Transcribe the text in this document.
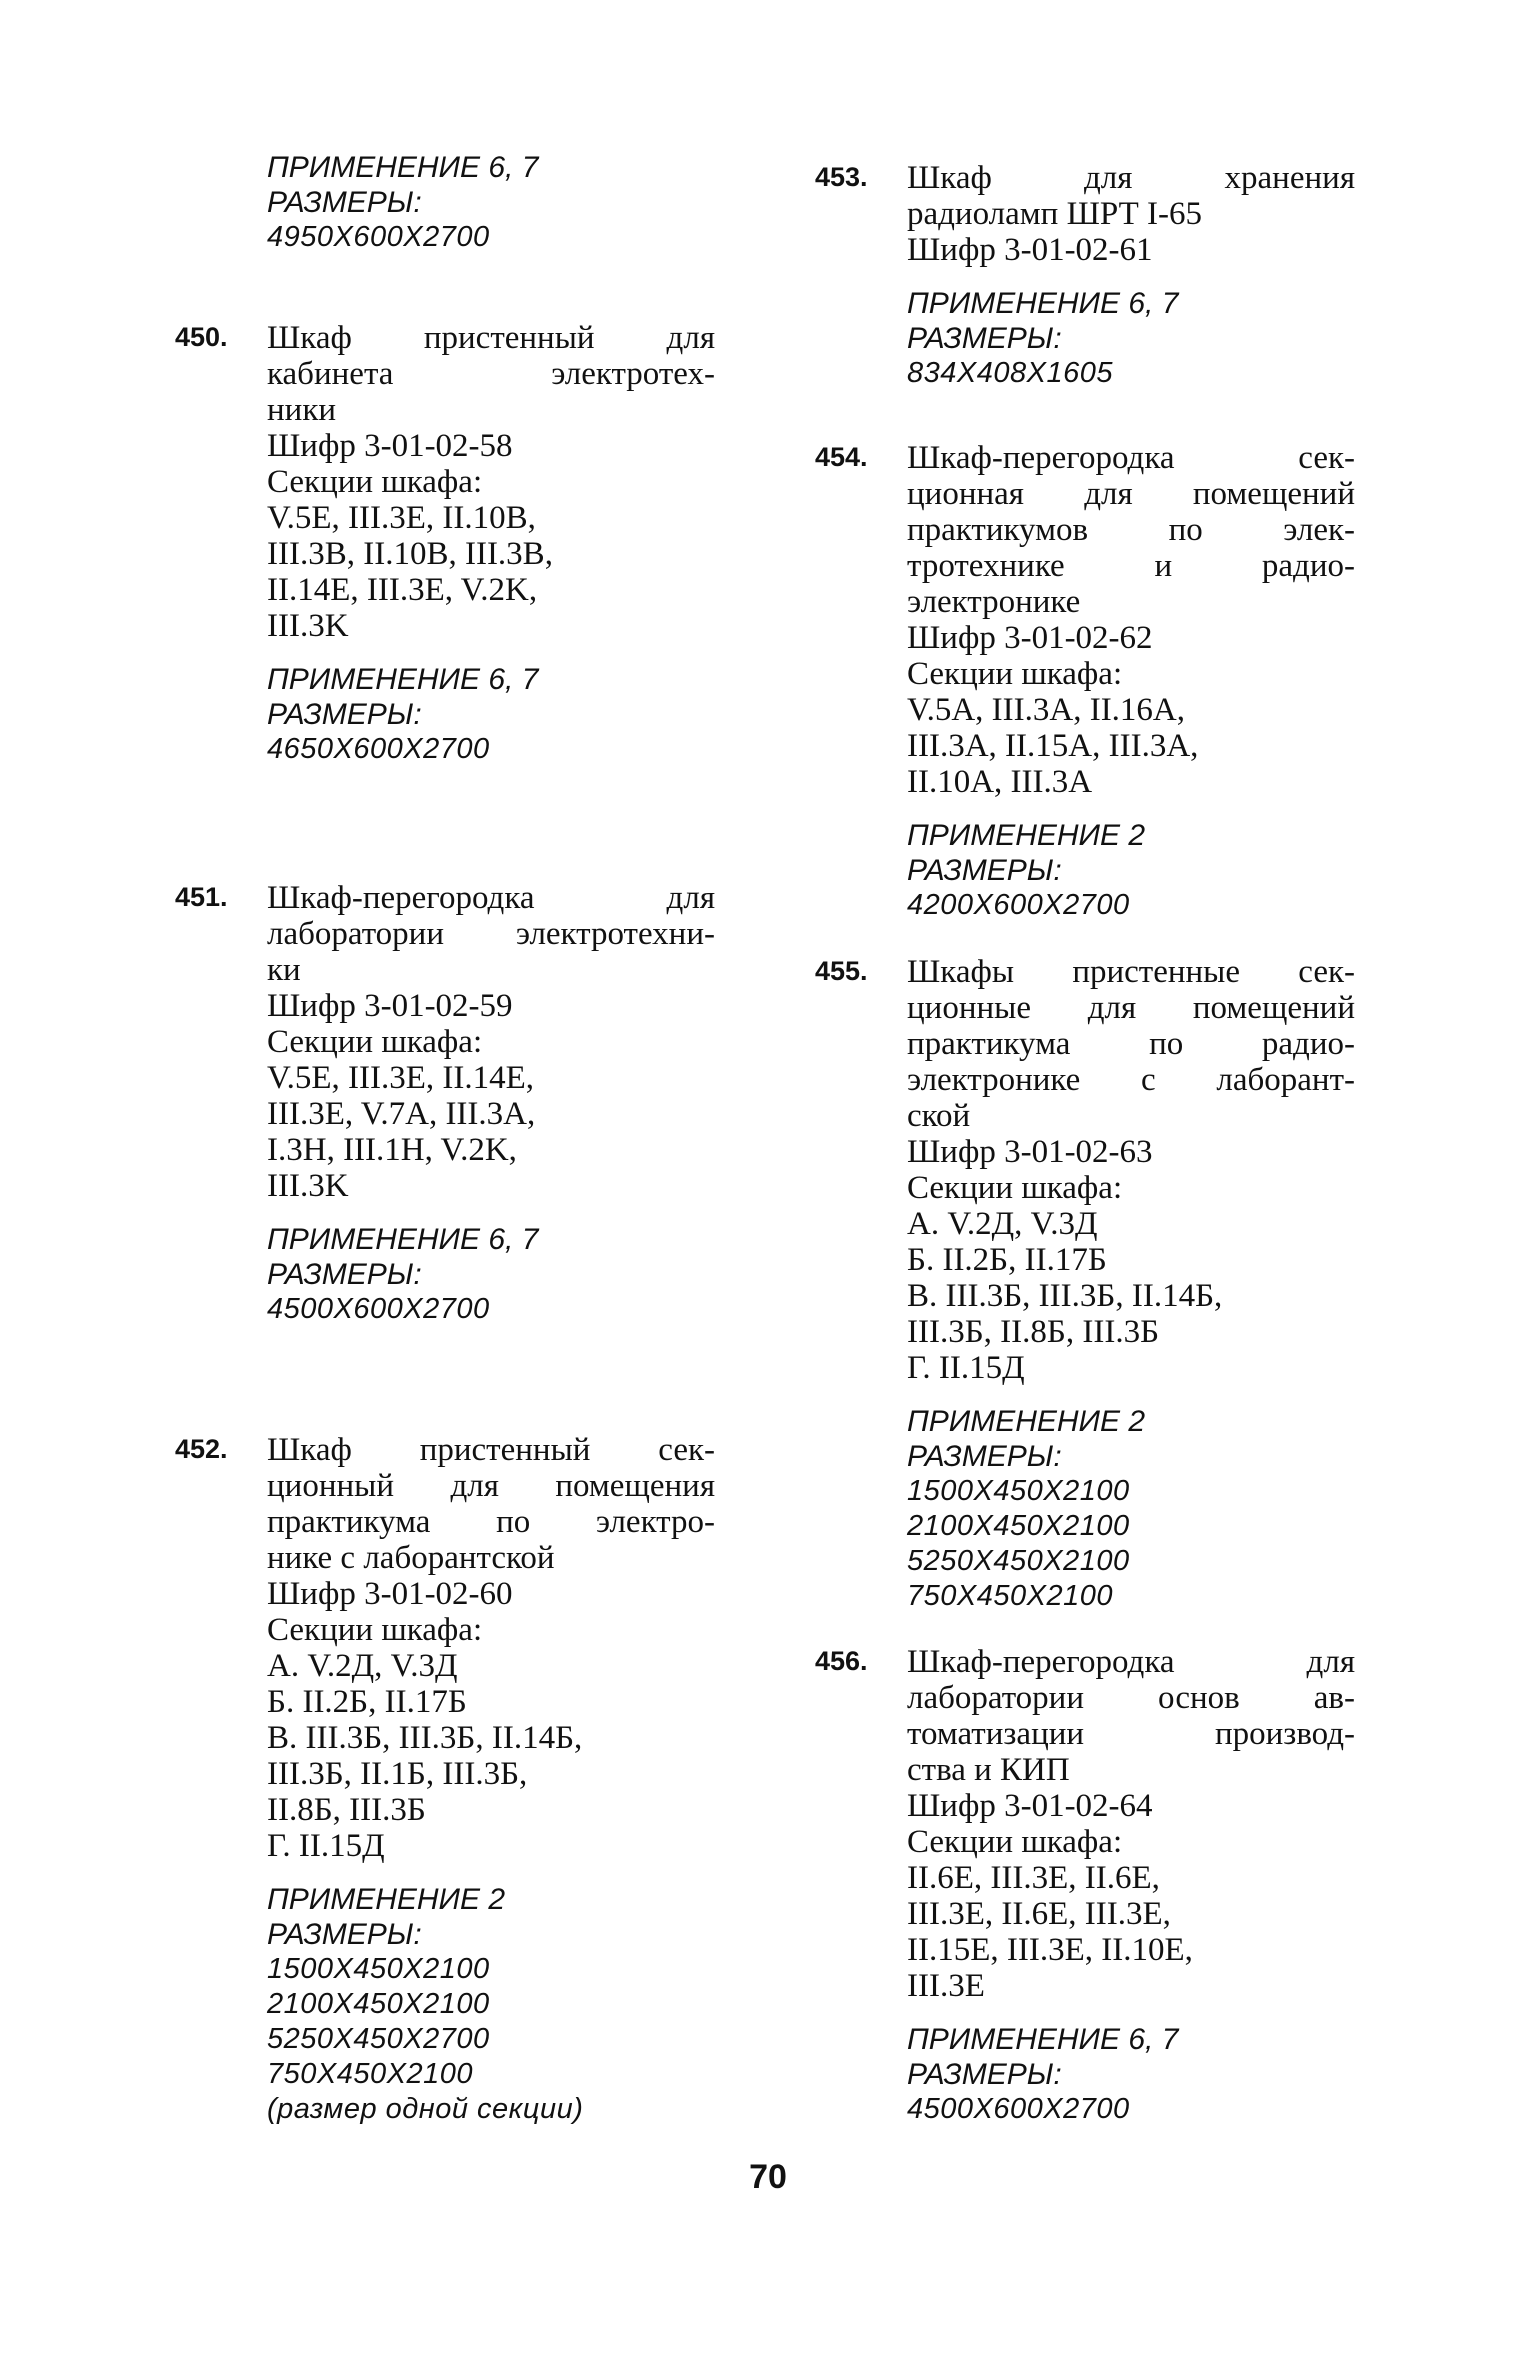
ПРИМЕНЕНИЕ 6, 7
РАЗМЕРЫ:
4950X600X2700
450. Шкаф пристенный для
кабинета электротех-
ники
Шифр 3-01-02-58
Секции шкафа:
V.5E, III.3E, II.10B,
III.3B, II.10B, III.3B,
II.14E, III.3E, V.2K,
III.3K
ПРИМЕНЕНИЕ 6, 7
РАЗМЕРЫ:
4650X600X2700
451. Шкаф-перегородка для
лаборатории электротехни-
ки
Шифр 3-01-02-59
Секции шкафа:
V.5E, III.3E, II.14E,
III.3E, V.7A, III.3A,
I.3H, III.1H, V.2K,
III.3K
ПРИМЕНЕНИЕ 6, 7
РАЗМЕРЫ:
4500X600X2700
452. Шкаф пристенный сек-
ционный для помещения
практикума по электро-
нике с лаборантской
Шифр 3-01-02-60
Секции шкафа:
А. V.2Д, V.3Д
Б. II.2Б, II.17Б
В. III.3Б, III.3Б, II.14Б,
III.3Б, II.1Б, III.3Б,
II.8Б, III.3Б
Г. II.15Д
ПРИМЕНЕНИЕ 2
РАЗМЕРЫ:
1500X450X2100
2100X450X2100
5250X450X2700
750X450X2100
(размер одной секции)
453. Шкаф для хранения
радиоламп ШРТ I-65
Шифр 3-01-02-61
ПРИМЕНЕНИЕ 6, 7
РАЗМЕРЫ:
834X408X1605
454. Шкаф-перегородка сек-
ционная для помещений
практикумов по элек-
тротехнике и радио-
электронике
Шифр 3-01-02-62
Секции шкафа:
V.5A, III.3A, II.16A,
III.3A, II.15A, III.3A,
II.10A, III.3A
ПРИМЕНЕНИЕ 2
РАЗМЕРЫ:
4200X600X2700
455. Шкафы пристенные сек-
ционные для помещений
практикума по радио-
электронике с лаборант-
ской
Шифр 3-01-02-63
Секции шкафа:
А. V.2Д, V.3Д
Б. II.2Б, II.17Б
В. III.3Б, III.3Б, II.14Б,
III.3Б, II.8Б, III.3Б
Г. II.15Д
ПРИМЕНЕНИЕ 2
РАЗМЕРЫ:
1500X450X2100
2100X450X2100
5250X450X2100
750X450X2100
456. Шкаф-перегородка для
лаборатории основ ав-
томатизации производ-
ства и КИП
Шифр 3-01-02-64
Секции шкафа:
II.6E, III.3E, II.6E,
III.3E, II.6E, III.3E,
II.15E, III.3E, II.10E,
III.3E
ПРИМЕНЕНИЕ 6, 7
РАЗМЕРЫ:
4500X600X2700
70
